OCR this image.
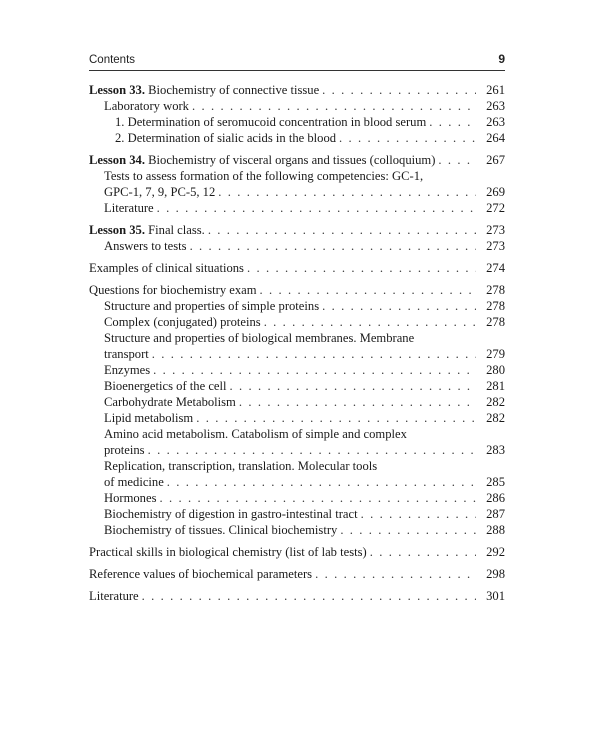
Contents	9
Lesson 33. Biochemistry of connective tissue . . .	261
Laboratory work . . .	263
1. Determination of seromucoid concentration in blood serum . . .	263
2. Determination of sialic acids in the blood . . .	264
Lesson 34. Biochemistry of visceral organs and tissues (colloquium) . . .	267
Tests to assess formation of the following competencies: GC-1,
GPC-1, 7, 9, PC-5, 12 . . .	269
Literature . . .	272
Lesson 35. Final class. . . .	273
Answers to tests . . .	273
Examples of clinical situations . . .	274
Questions for biochemistry exam . . .	278
Structure and properties of simple proteins . . .	278
Complex (conjugated) proteins . . .	278
Structure and properties of biological membranes. Membrane
transport . . .	279
Enzymes . . .	280
Bioenergetics of the cell . . .	281
Carbohydrate Metabolism . . .	282
Lipid metabolism . . .	282
Amino acid metabolism. Catabolism of simple and complex
proteins . . .	283
Replication, transcription, translation. Molecular tools
of medicine . . .	285
Hormones . . .	286
Biochemistry of digestion in gastro-intestinal tract . . .	287
Biochemistry of tissues. Clinical biochemistry . . .	288
Practical skills in biological chemistry (list of lab tests) . . .	292
Reference values of biochemical parameters . . .	298
Literature . . .	301
